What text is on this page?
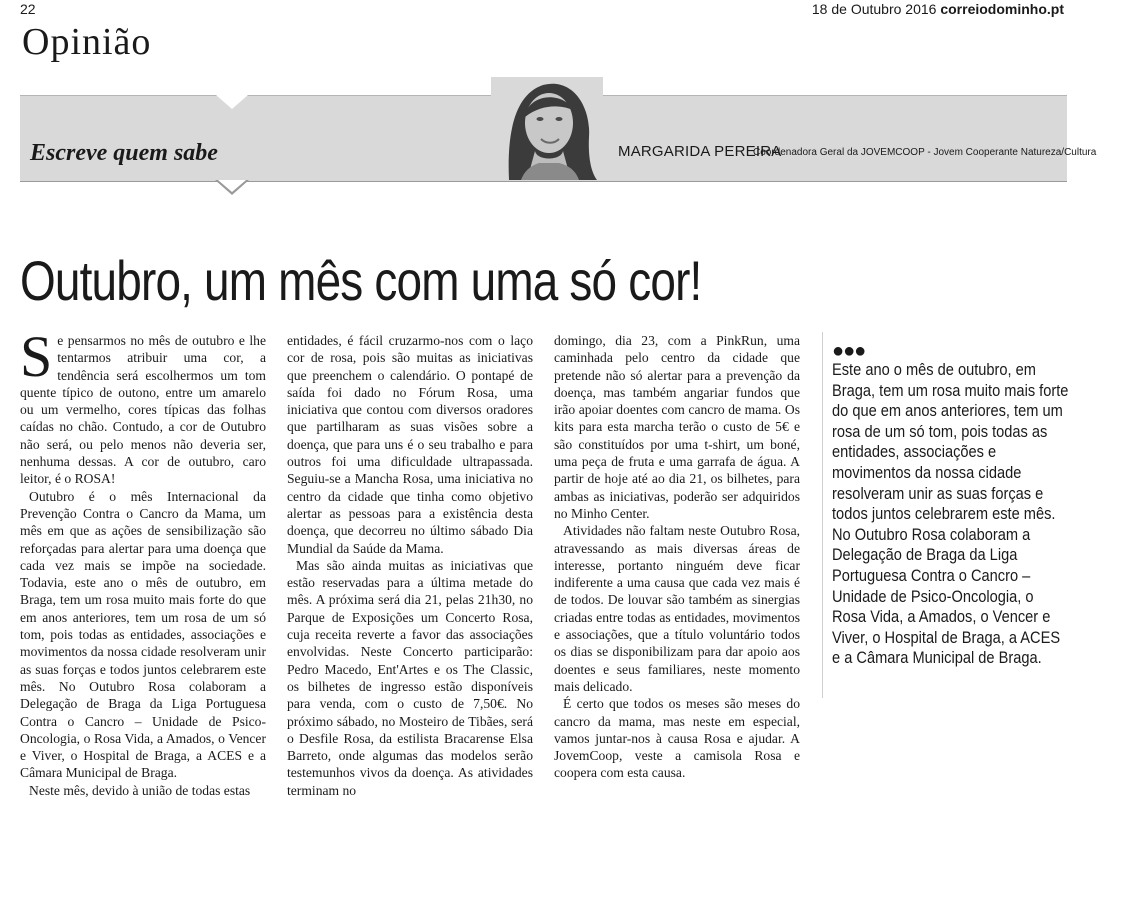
22	18 de Outubro 2016 correiodominho.pt
Opinião
Escreve quem sabe	MARGARIDA PEREIRA
Coordenadora Geral da JOVEMCOOP - Jovem Cooperante Natureza/Cultura
Outubro, um mês com uma só cor!

Se pensarmos no mês de outubro e lhe tentarmos atribuir uma cor, a tendência será escolhermos um tom quente típico de outono, entre um amarelo ou um vermelho, cores típicas das folhas caídas no chão. Contudo, a cor de Outubro não será, ou pelo menos não deveria ser, nenhuma dessas. A cor de outubro, caro leitor, é o ROSA!

Outubro é o mês Internacional da Prevenção Contra o Cancro da Mama, um mês em que as ações de sensibilização são reforçadas para alertar para uma doença que cada vez mais se impõe na sociedade. Todavia, este ano o mês de outubro, em Braga, tem um rosa muito mais forte do que em anos anteriores, tem um rosa de um só tom, pois todas as entidades, associações e movimentos da nossa cidade resolveram unir as suas forças e todos juntos celebrarem este mês. No Outubro Rosa colaboram a Delegação de Braga da Liga Portuguesa Contra o Cancro – Unidade de Psico-Oncologia, o Rosa Vida, a Amados, o Vencer e Viver, o Hospital de Braga, a ACES e a Câmara Municipal de Braga.

Neste mês, devido à união de todas estas

entidades, é fácil cruzarmo-nos com o laço cor de rosa, pois são muitas as iniciativas que preenchem o calendário. O pontapé de saída foi dado no Fórum Rosa, uma iniciativa que contou com diversos oradores que partilharam as suas visões sobre a doença, que para uns é o seu trabalho e para outros foi uma dificuldade ultrapassada. Seguiu-se a Mancha Rosa, uma iniciativa no centro da cidade que tinha como objetivo alertar as pessoas para a existência desta doença, que decorreu no último sábado Dia Mundial da Saúde da Mama.

Mas são ainda muitas as iniciativas que estão reservadas para a última metade do mês. A próxima será dia 21, pelas 21h30, no Parque de Exposições um Concerto Rosa, cuja receita reverte a favor das associações envolvidas. Neste Concerto participarão: Pedro Macedo, Ent'Artes e os The Classic, os bilhetes de ingresso estão disponíveis para venda, com o custo de 7,50€. No próximo sábado, no Mosteiro de Tibães, será o Desfile Rosa, da estilista Bracarense Elsa Barreto, onde algumas das modelos serão testemunhos vivos da doença. As atividades terminam no

domingo, dia 23, com a PinkRun, uma caminhada pelo centro da cidade que pretende não só alertar para a prevenção da doença, mas também angariar fundos que irão apoiar doentes com cancro de mama. Os kits para esta marcha terão o custo de 5€ e são constituídos por uma t-shirt, um boné, uma peça de fruta e uma garrafa de água. A partir de hoje até ao dia 21, os bilhetes, para ambas as iniciativas, poderão ser adquiridos no Minho Center.

Atividades não faltam neste Outubro Rosa, atravessando as mais diversas áreas de interesse, portanto ninguém deve ficar indiferente a uma causa que cada vez mais é de todos. De louvar são também as sinergias criadas entre todas as entidades, movimentos e associações, que a título voluntário todos os dias se disponibilizam para dar apoio aos doentes e seus familiares, neste momento mais delicado.

É certo que todos os meses são meses do cancro da mama, mas neste em especial, vamos juntar-nos à causa Rosa e ajudar. A JovemCoop, veste a camisola Rosa e coopera com esta causa.

●●●
Este ano o mês de outubro, em Braga, tem um rosa muito mais forte do que em anos anteriores, tem um rosa de um só tom, pois todas as entidades, associações e movimentos da nossa cidade resolveram unir as suas forças e todos juntos celebrarem este mês. No Outubro Rosa colaboram a Delegação de Braga da Liga Portuguesa Contra o Cancro – Unidade de Psico-Oncologia, o Rosa Vida, a Amados, o Vencer e Viver, o Hospital de Braga, a ACES e a Câmara Municipal de Braga.
